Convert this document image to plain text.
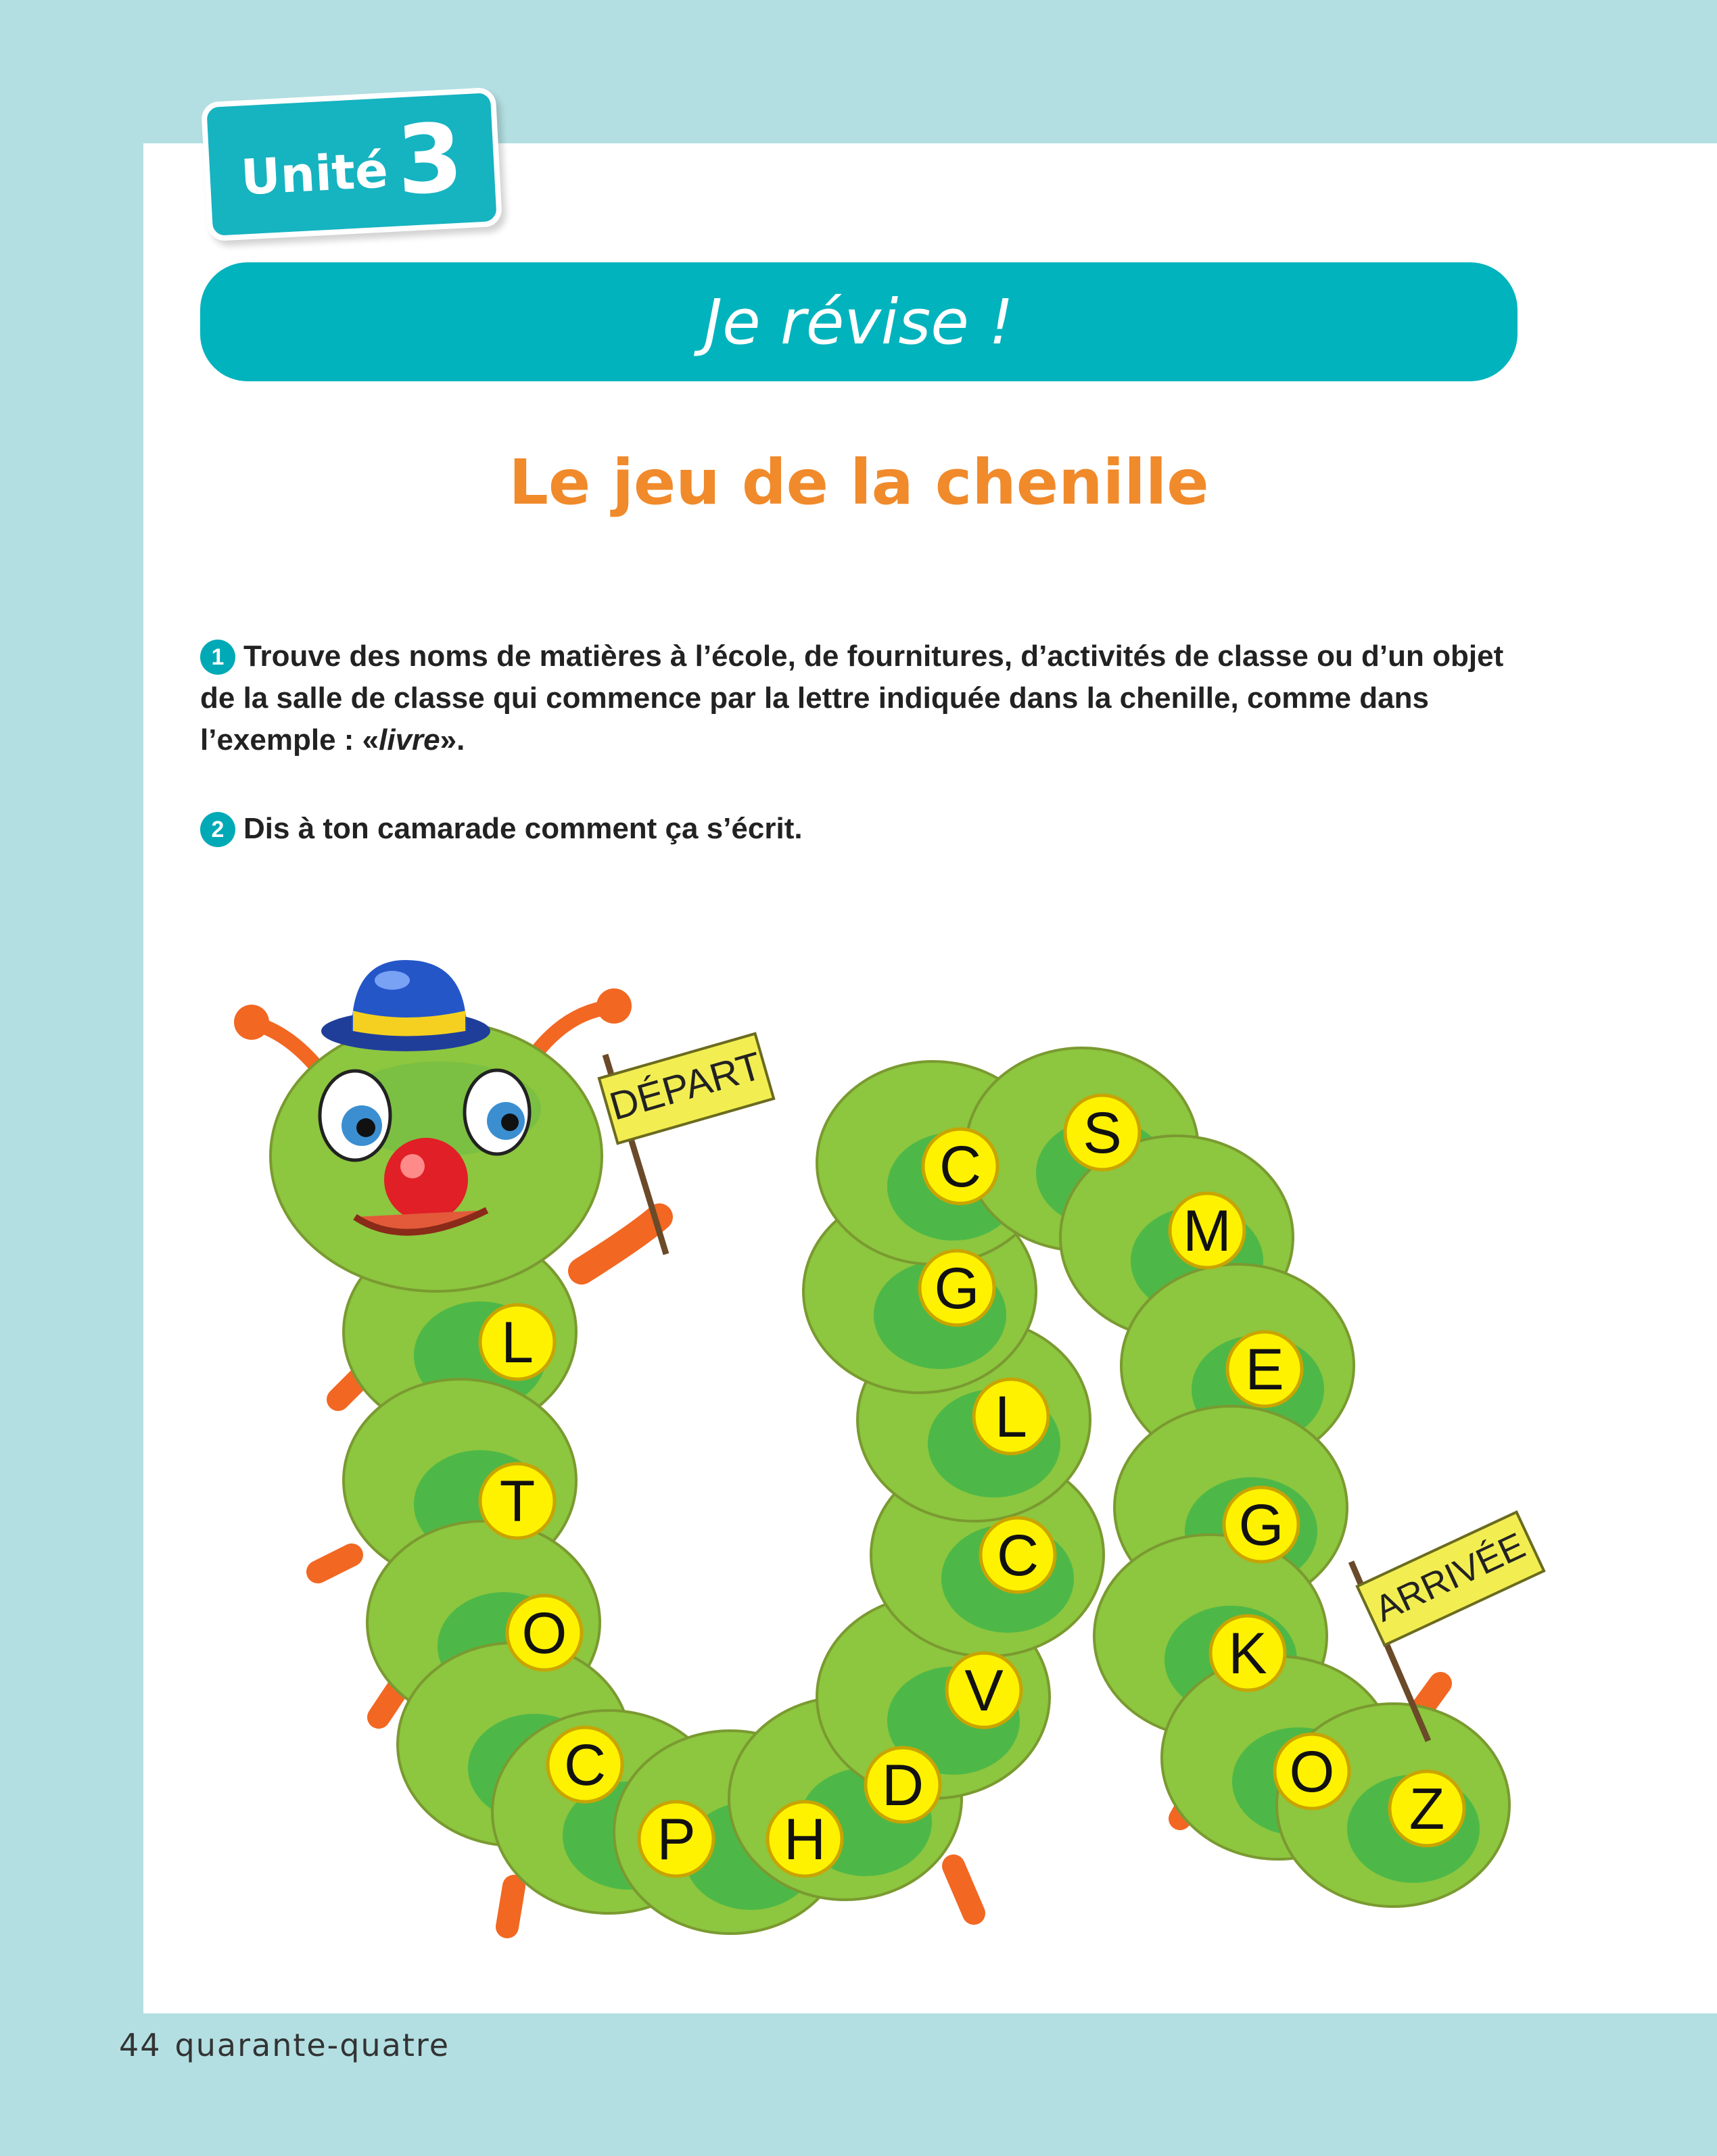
Unité 3
Je révise !
Le jeu de la chenille
1 Trouve des noms de matières à l’école, de fournitures, d’activités de classe ou d’un objet de la salle de classe qui commence par la lettre indiquée dans la chenille, comme dans l’exemple : «livre».
2 Dis à ton camarade comment ça s’écrit.
DÉPART
ARRIVÉE
L
T
O
C
P H
D
V
C
L
G
C
S
M
E
G
K
O
Z
44 quarante-quatre
